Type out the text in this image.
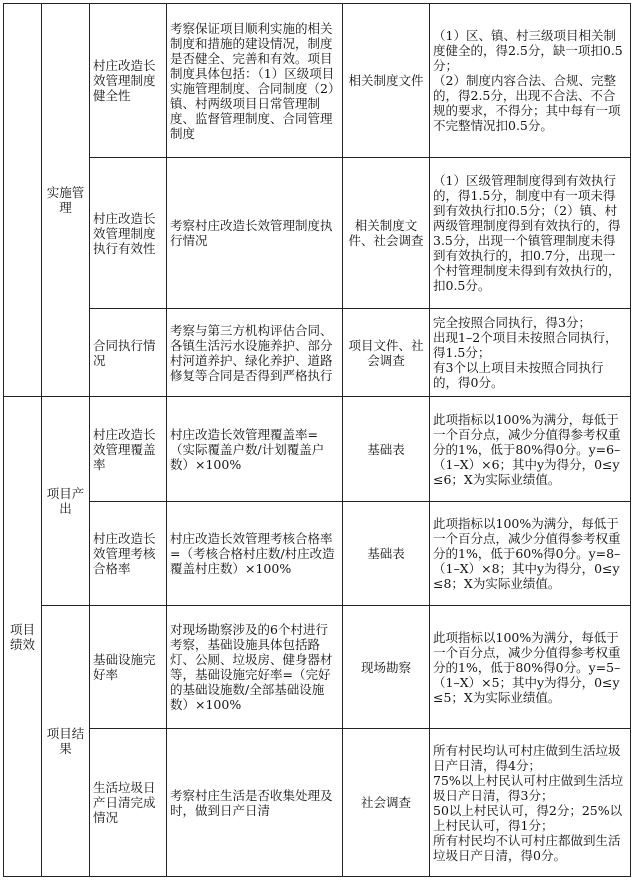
	实施管理	村庄改造长效管理制度健全性	考察保证项目顺利实施的相关制度和措施的建设情况，制度是否健全、完善和有效。项目制度具体包括：（1）区级项目实施管理制度、合同制度（2）镇、村两级项目日常管理制度、监督管理制度、合同管理制度	相关制度文件	（1）区、镇、村三级项目相关制度健全的，得2.5分，缺一项扣0.5分；
（2）制度内容合法、合规、完整的，得2.5分，出现不合法、不合规的要求，不得分；其中每有一项不完整情况扣0.5分。

		村庄改造长效管理制度执行有效性	考察村庄改造长效管理制度执行情况	相关制度文件、社会调查	（1）区级管理制度得到有效执行的，得1.5分，制度中有一项未得到有效执行扣0.5分；（2）镇、村两级管理制度得到有效执行的，得3.5分，出现一个镇管理制度未得到有效执行的，扣0.7分，出现一个村管理制度未得到有效执行的，扣0.5分。

		合同执行情况	考察与第三方机构评估合同、各镇生活污水设施养护、部分村河道养护、绿化养护、道路修复等合同是否得到严格执行	项目文件、社会调查	完全按照合同执行，得3分；
出现1–2个项目未按照合同执行，得1.5分；
有3个以上项目未按照合同执行的，得0分。

项目绩效	项目产出	村庄改造长效管理覆盖率	村庄改造长效管理覆盖率=（实际覆盖户数/计划覆盖户数）×100%	基础表	此项指标以100%为满分，每低于一个百分点，减少分值得参考权重分的1%，低于80%得0分。y=6–（1–X）×6；其中y为得分，0≤y≤6；X为实际业绩值。

		村庄改造长效管理考核合格率	村庄改造长效管理考核合格率=（考核合格村庄数/村庄改造覆盖村庄数）×100%	基础表	此项指标以100%为满分，每低于一个百分点，减少分值得参考权重分的1%，低于60%得0分。y=8–（1–X）×8；其中y为得分，0≤y≤8；X为实际业绩值。

	项目结果	基础设施完好率	对现场勘察涉及的6个村进行考察，基础设施具体包括路灯、公厕、垃圾房、健身器材等，基础设施完好率=（完好的基础设施数/全部基础设施数）×100%	现场勘察	此项指标以100%为满分，每低于一个百分点，减少分值得参考权重分的1%，低于80%得0分。y=5–（1–X）×5；其中y为得分，0≤y≤5；X为实际业绩值。

		生活垃圾日产日清完成情况	考察村庄生活是否收集处理及时，做到日产日清	社会调查	所有村民均认可村庄做到生活垃圾日产日清，得4分；
75%以上村民认可村庄做到生活垃圾日产日清，得3分；
50以上村民认可，得2分；25%以上村民认可，得1分；
所有村民均不认可村庄都做到生活垃圾日产日清，得0分。
